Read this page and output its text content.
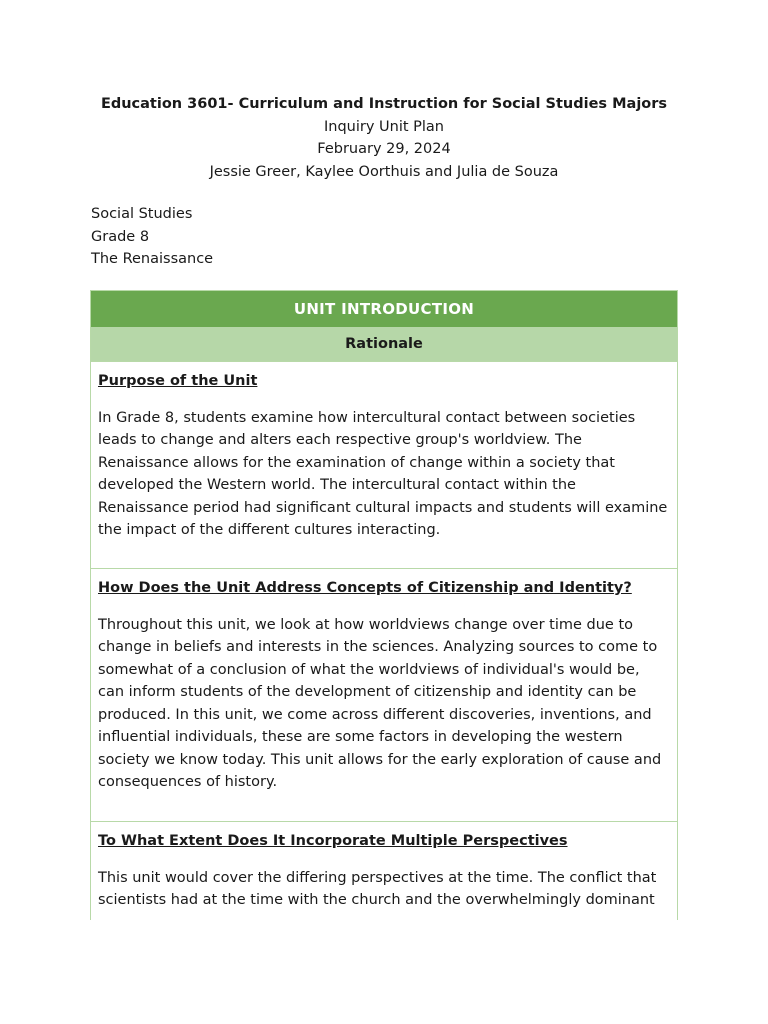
Education 3601- Curriculum and Instruction for Social Studies Majors
Inquiry Unit Plan
February 29, 2024
Jessie Greer, Kaylee Oorthuis and Julia de Souza
Social Studies
Grade 8
The Renaissance
UNIT INTRODUCTION
Rationale

Purpose of the Unit

In Grade 8, students examine how intercultural contact between societies leads to change and alters each respective group's worldview. The Renaissance allows for the examination of change within a society that developed the Western world. The intercultural contact within the Renaissance period had significant cultural impacts and students will examine the impact of the different cultures interacting.

How Does the Unit Address Concepts of Citizenship and Identity?

Throughout this unit, we look at how worldviews change over time due to change in beliefs and interests in the sciences. Analyzing sources to come to somewhat of a conclusion of what the worldviews of individual's would be, can inform students of the development of citizenship and identity can be produced. In this unit, we come across different discoveries, inventions, and influential individuals, these are some factors in developing the western society we know today. This unit allows for the early exploration of cause and consequences of history.

To What Extent Does It Incorporate Multiple Perspectives

This unit would cover the differing perspectives at the time. The conflict that scientists had at the time with the church and the overwhelmingly dominant
